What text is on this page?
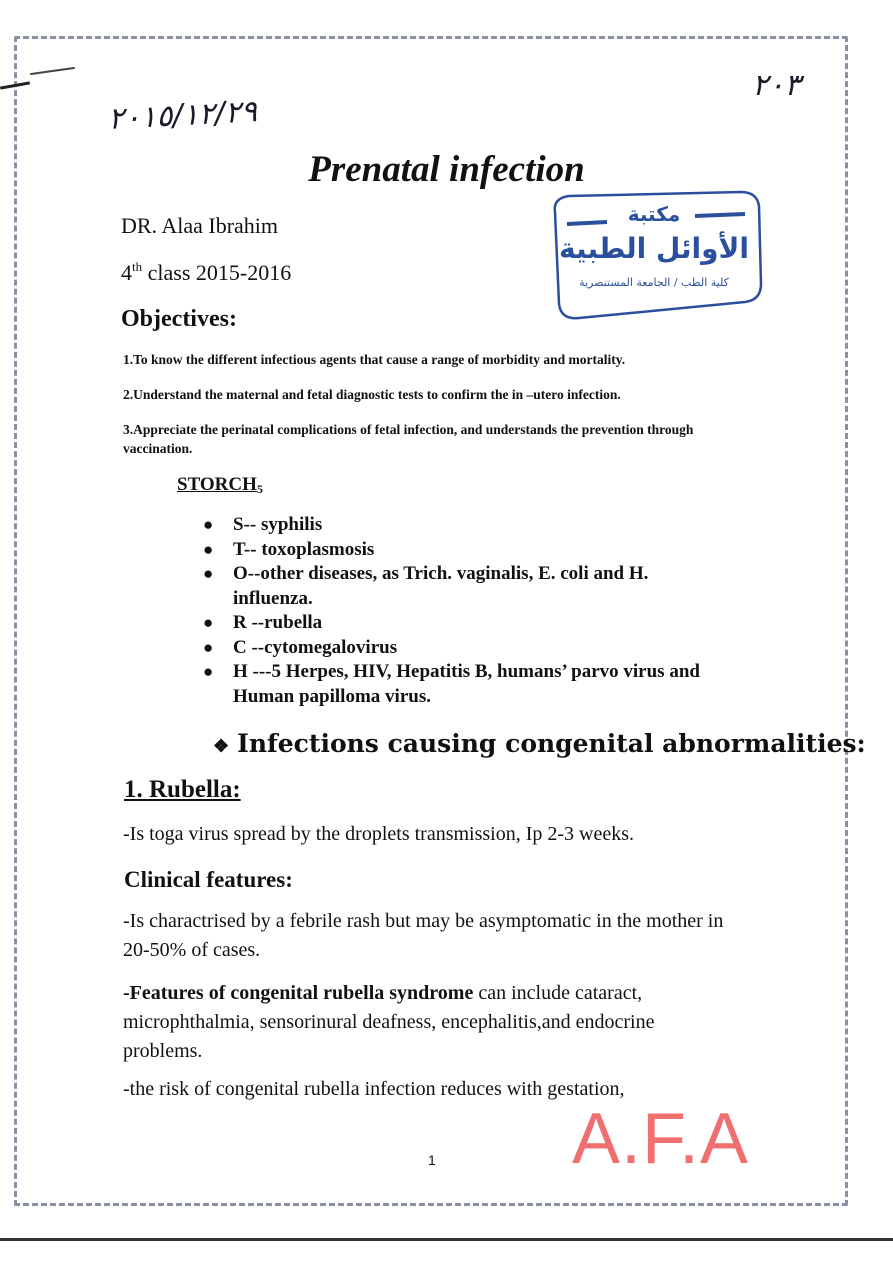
٢٠١٥/١٢/٢٩
٢٠٣
Prenatal infection
مكتبة
الأوائل الطبية
كلية الطب / الجامعة المستنصرية
DR. Alaa Ibrahim
4th class 2015-2016
Objectives:
1.To know the different infectious agents that cause a range of morbidity and mortality.
2.Understand the maternal and fetal diagnostic tests to confirm the in –utero infection.
3.Appreciate the perinatal complications of fetal infection, and understands the prevention through vaccination.
$STORCH_5$
● S-- syphilis
● T-- toxoplasmosis
● O--other diseases, as Trich. vaginalis, E. coli and H. influenza.
● R --rubella
● C --cytomegalovirus
● H ---5 Herpes, HIV, Hepatitis B, humans’ parvo virus and Human papilloma virus.
❖ Infections causing congenital abnormalities:
1. Rubella:
-Is toga virus spread by the droplets transmission, Ip 2-3 weeks.
Clinical features:
-Is charactrised by a febrile rash but may be asymptomatic in the mother in 20-50% of cases.
-Features of congenital rubella syndrome can include cataract, microphthalmia, sensorinural deafness, encephalitis,and endocrine problems.
-the risk of congenital rubella infection reduces with gestation,
1 A.F.A
